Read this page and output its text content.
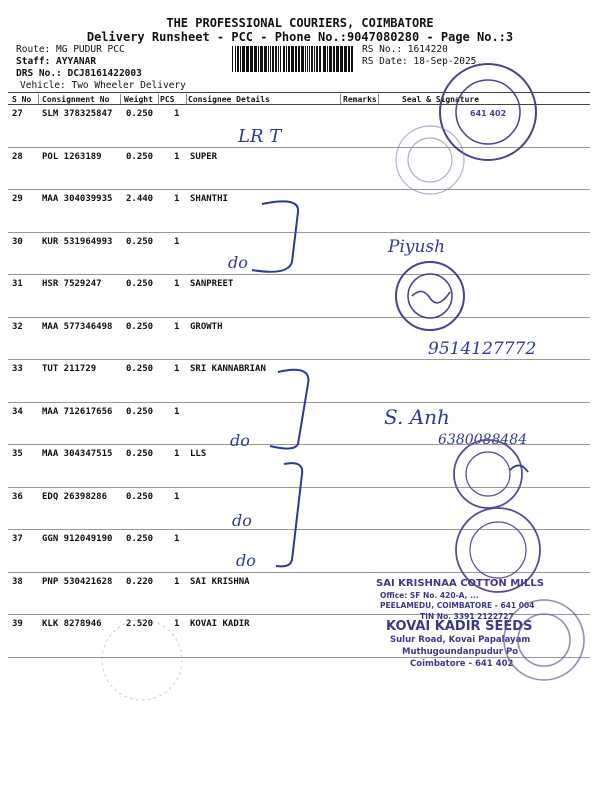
THE PROFESSIONAL COURIERS, COIMBATORE
Delivery Runsheet - PCC - Phone No.:9047080280 - Page No.:3
Route: MG PUDUR PCC
Staff: AYYANAR
DRS No.: DCJ8161422003
Vehicle: Two Wheeler Delivery
RS No.: 1614220
RS Date: 18-Sep-2025
S No Consignment No Weight PCS Consignee Details	Remarks	Seal & Signature
27 SLM 378325847 0.250 1
28 POL 1263189	0.250 1 SUPER
29 MAA 304039935 2.440 1 SHANTHI
30 KUR 531964993 0.250 1
31 HSR 7529247	0.250 1 SANPREET
32 MAA 577346498 0.250 1 GROWTH
33 TUT 211729	0.250 1 SRI KANNABRIAN
34 MAA 712617656 0.250 1
35 MAA 304347515 0.250 1 LLS
36 EDQ 26398286 0.250 1
37 GGN 912049190 0.250 1
38 PNP 530421628 0.220 1 SAI KRISHNA
39 KLK 8278946	2.520 1 KOVAI KADIR
641 402
LR T
do
Piyush
9514127772
do
S. Anh
6380088484
do
do
SAI KRISHNAA COTTON MILLS
Office: SF No. 420-A, ...
PEELAMEDU, COIMBATORE - 641 004
TIN No. 3391 2122727
KOVAI KADIR SEEDS
Sulur Road, Kovai Papalayam
Muthugoundanpudur Po
Coimbatore - 641 402
